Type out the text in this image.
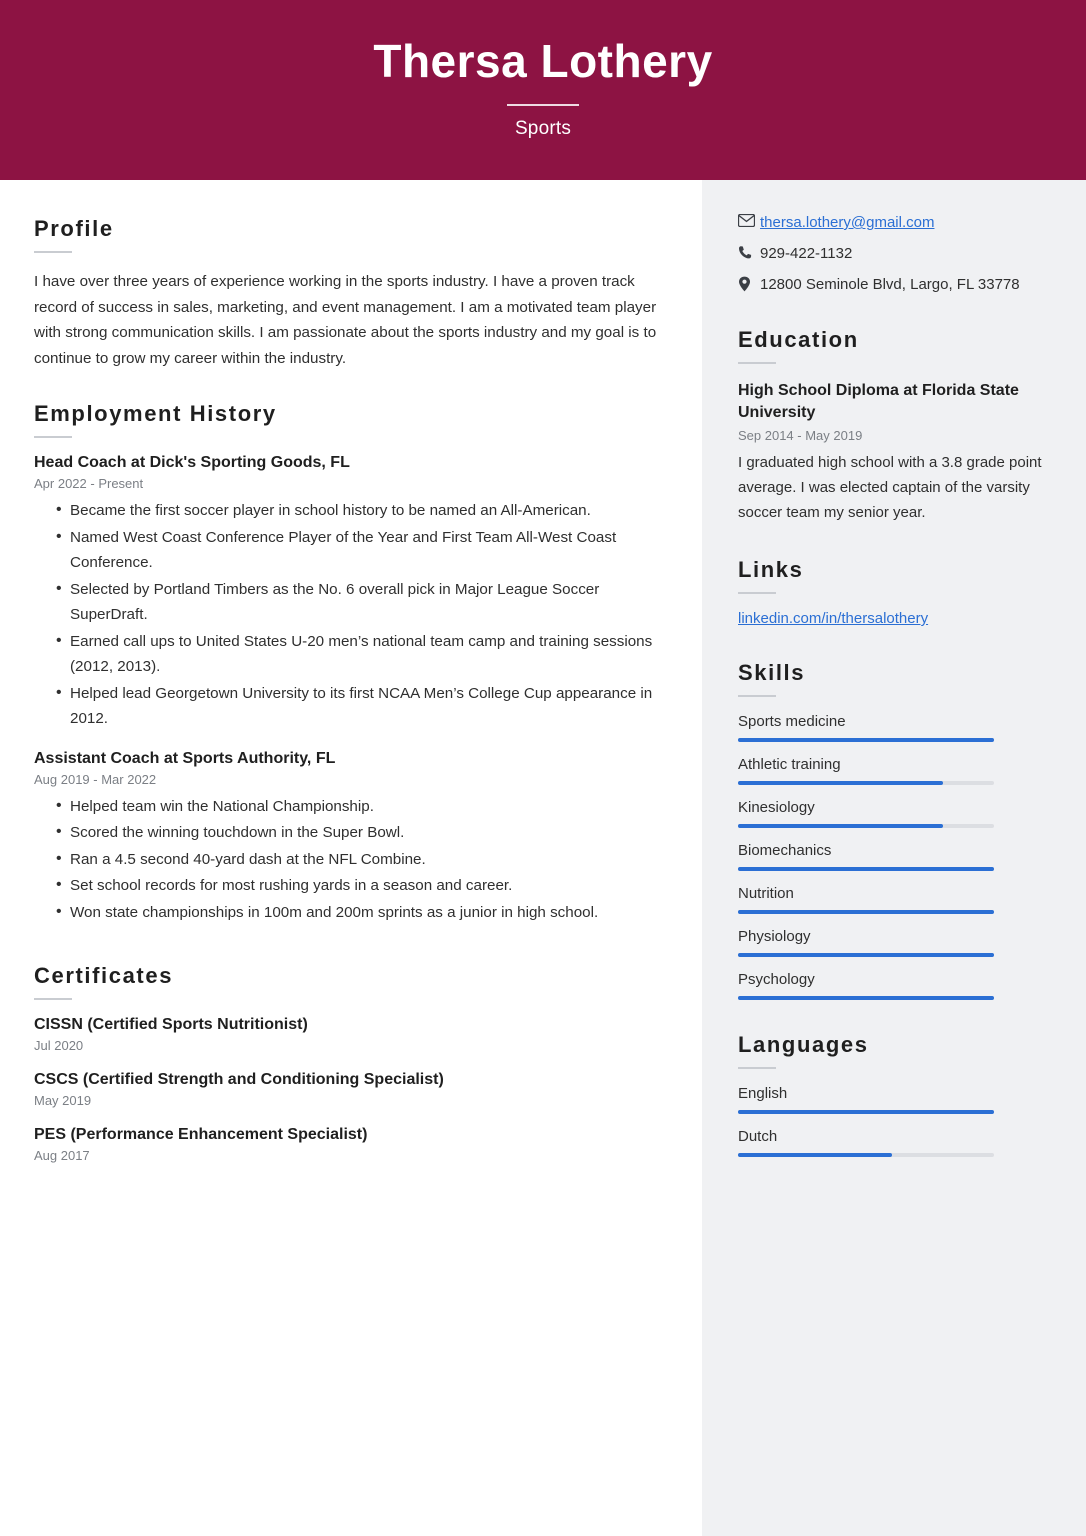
Thersa Lothery
Sports
Profile

I have over three years of experience working in the sports industry. I have a proven track record of success in sales, marketing, and event management. I am a motivated team player with strong communication skills. I am passionate about the sports industry and my goal is to continue to grow my career within the industry.

Employment History
Head Coach at Dick's Sporting Goods, FL
Apr 2022 - Present
• Became the first soccer player in school history to be named an All-American.
• Named West Coast Conference Player of the Year and First Team All-West Coast Conference.
• Selected by Portland Timbers as the No. 6 overall pick in Major League Soccer SuperDraft.
• Earned call ups to United States U-20 men’s national team camp and training sessions (2012, 2013).
• Helped lead Georgetown University to its first NCAA Men’s College Cup appearance in 2012.
Assistant Coach at Sports Authority, FL
Aug 2019 - Mar 2022
• Helped team win the National Championship.
• Scored the winning touchdown in the Super Bowl.
• Ran a 4.5 second 40-yard dash at the NFL Combine.
• Set school records for most rushing yards in a season and career.
• Won state championships in 100m and 200m sprints as a junior in high school.
Certificates
CISSN (Certified Sports Nutritionist)
Jul 2020
CSCS (Certified Strength and Conditioning Specialist)
May 2019
PES (Performance Enhancement Specialist)
Aug 2017
thersa.lothery@gmail.com
929-422-1132
12800 Seminole Blvd, Largo, FL 33778
Education
High School Diploma at Florida State University
Sep 2014 - May 2019

I graduated high school with a 3.8 grade point average. I was elected captain of the varsity soccer team my senior year.

Links
linkedin.com/in/thersalothery
Skills
Sports medicine
Athletic training
Kinesiology
Biomechanics
Nutrition
Physiology
Psychology
Languages
English
Dutch
